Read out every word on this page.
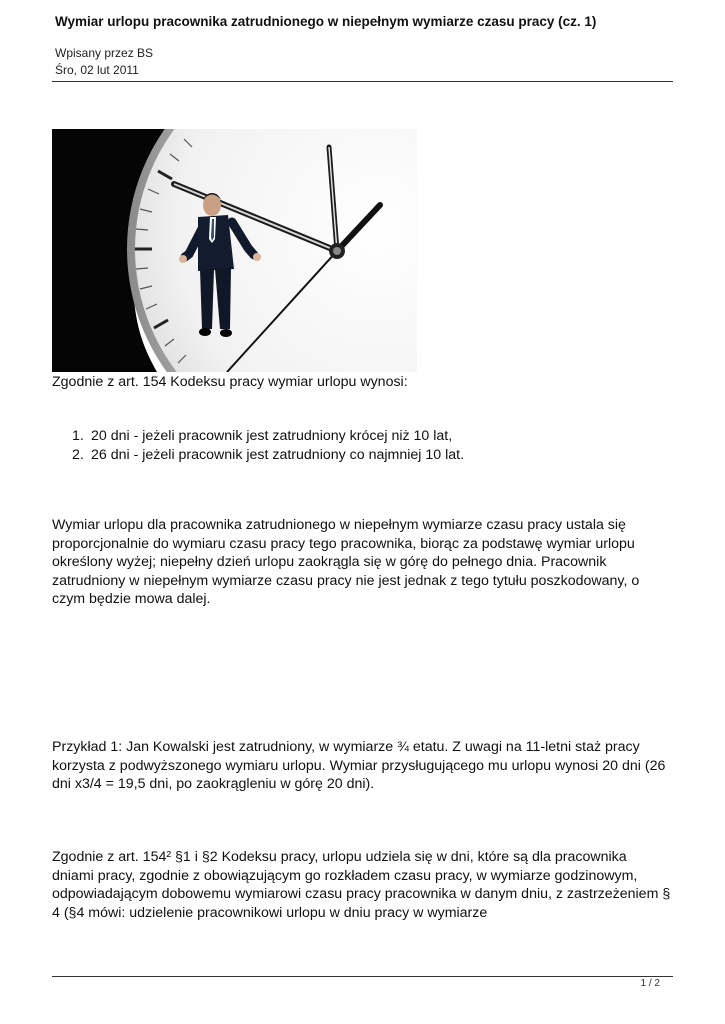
Wymiar urlopu pracownika zatrudnionego w niepełnym wymiarze czasu pracy (cz. 1)
Wpisany przez BS
Śro, 02 lut 2011

Zgodnie z art. 154 Kodeksu pracy wymiar urlopu wynosi:

1. 20 dni - jeżeli pracownik jest zatrudniony krócej niż 10 lat,
2. 26 dni - jeżeli pracownik jest zatrudniony co najmniej 10 lat.

Wymiar urlopu dla pracownika zatrudnionego w niepełnym wymiarze czasu pracy ustala się proporcjonalnie do wymiaru czasu pracy tego pracownika, biorąc za podstawę wymiar urlopu określony wyżej; niepełny dzień urlopu zaokrągla się w górę do pełnego dnia. Pracownik zatrudniony w niepełnym wymiarze czasu pracy nie jest jednak z tego tytułu poszkodowany, o czym będzie mowa dalej.

Przykład 1: Jan Kowalski jest zatrudniony, w wymiarze ¾ etatu. Z uwagi na 11-letni staż pracy korzysta z podwyższonego wymiaru urlopu. Wymiar przysługującego mu urlopu wynosi 20 dni (26 dni x3/4 = 19,5 dni, po zaokrągleniu w górę 20 dni).

Zgodnie z art. 154² §1 i §2 Kodeksu pracy, urlopu udziela się w dni, które są dla pracownika dniami pracy, zgodnie z obowiązującym go rozkładem czasu pracy, w wymiarze godzinowym, odpowiadającym dobowemu wymiarowi czasu pracy pracownika w danym dniu, z zastrzeżeniem § 4 (§4 mówi: udzielenie pracownikowi urlopu w dniu pracy w wymiarze

1 / 2
